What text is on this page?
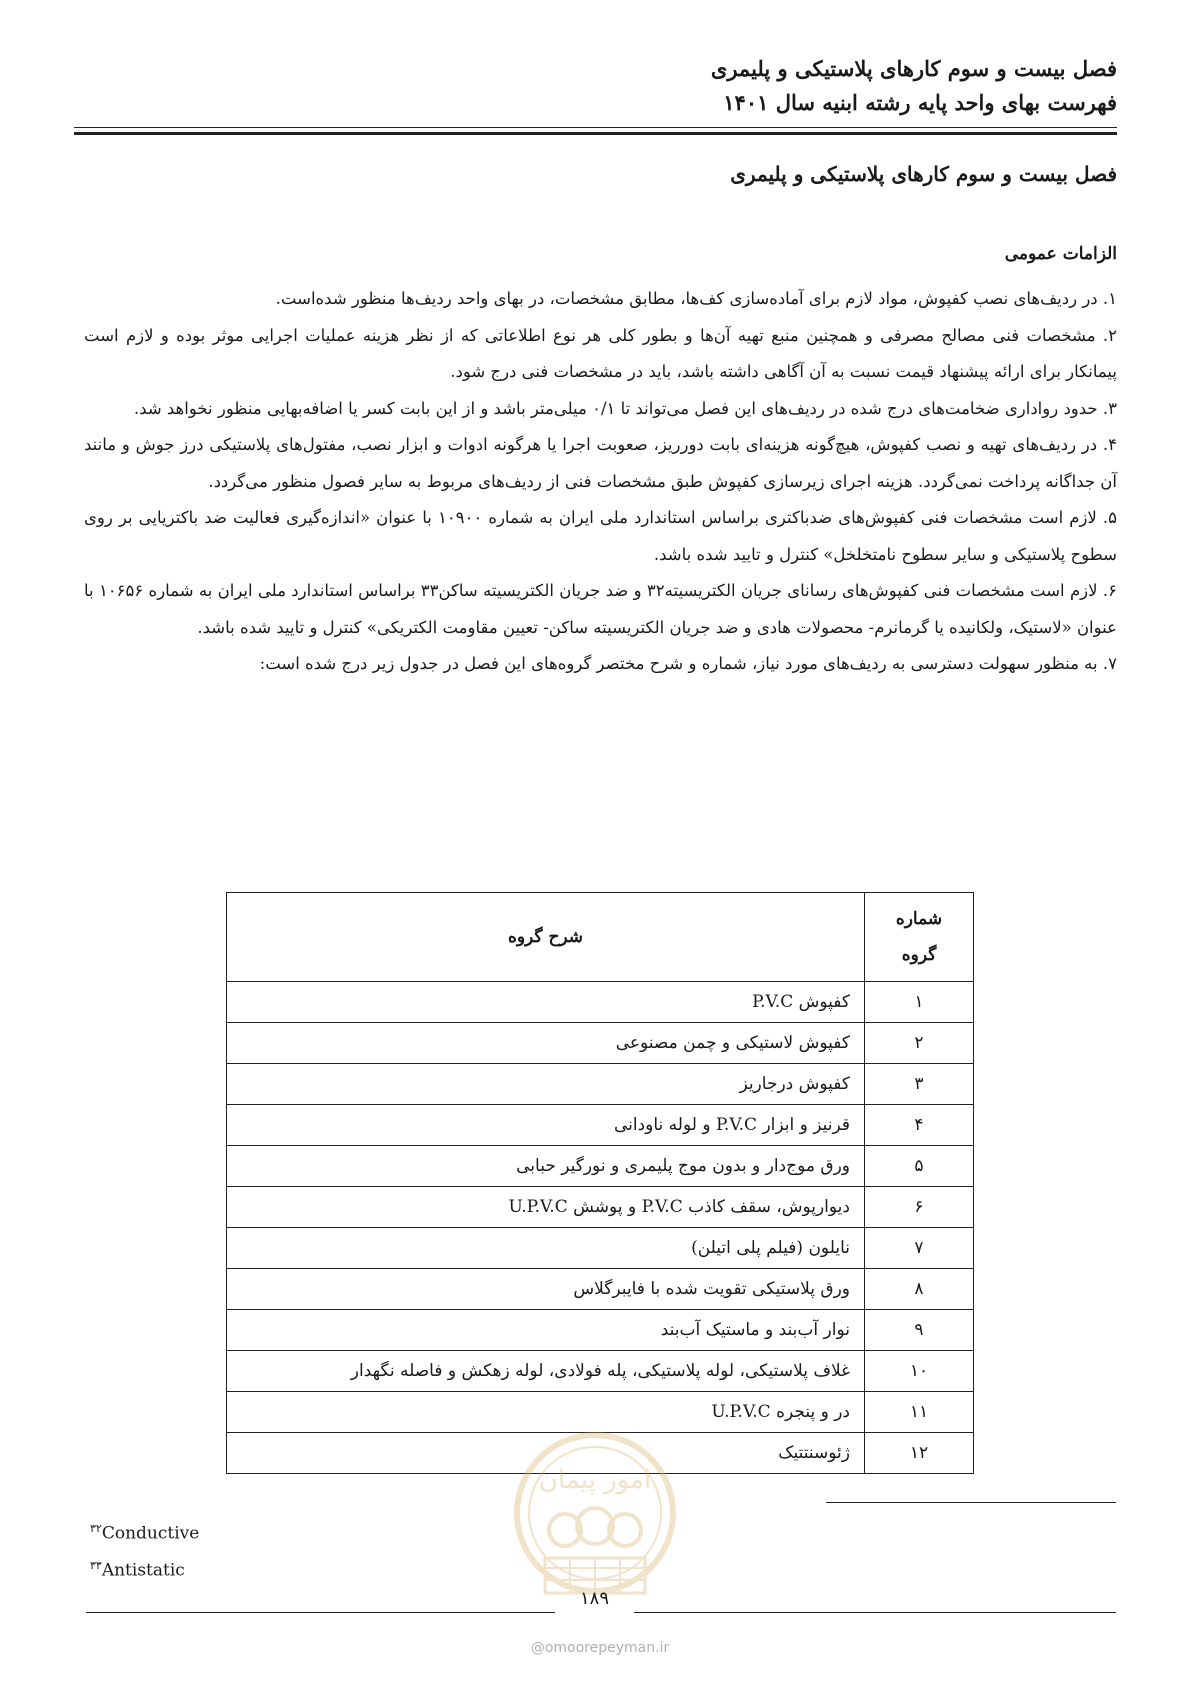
فصل بیست و سوم کارهای پلاستیکی و پلیمری
فهرست بهای واحد پایه رشته ابنیه سال ۱۴۰۱
فصل بیست و سوم کارهای پلاستیکی و پلیمری
الزامات عمومی
۱. در ردیف‌های نصب کفپوش، مواد لازم برای آماده‌سازی کف‌ها، مطابق مشخصات، در بهای واحد ردیف‌ها منظور شده‌است.
۲. مشخصات فنی مصالح مصرفی و همچنین منبع تهیه آن‌ها و بطور کلی هر نوع اطلاعاتی که از نظر هزینه عملیات اجرایی موثر بوده و لازم است پیمانکار برای ارائه پیشنهاد قیمت نسبت به آن آگاهی داشته باشد، باید در مشخصات فنی درج شود.
۳. حدود رواداری ضخامت‌های درج شده در ردیف‌های این فصل می‌تواند تا ۰/۱ میلی‌متر باشد و از این بابت کسر یا اضافه‌بهایی منظور نخواهد شد.
۴. در ردیف‌های تهیه و نصب کفپوش، هیچ‌گونه هزینه‌ای بابت دورریز، صعوبت اجرا یا هرگونه ادوات و ابزار نصب، مفتول‌های پلاستیکی درز جوش و مانند آن جداگانه پرداخت نمی‌گردد. هزینه اجرای زیرسازی کفپوش طبق مشخصات فنی از ردیف‌های مربوط به سایر فصول منظور می‌گردد.
۵. لازم است مشخصات فنی کفپوش‌های ضدباکتری براساس استاندارد ملی ایران به شماره ۱۰۹۰۰ با عنوان «اندازه‌گیری فعالیت ضد باکتریایی بر روی سطوح پلاستیکی و سایر سطوح نامتخلخل» کنترل و تایید شده باشد.
۶. لازم است مشخصات فنی کفپوش‌های رسانای جریان الکتریسیته۳۲ و ضد جریان الکتریسیته ساکن۳۳ براساس استاندارد ملی ایران به شماره ۱۰۶۵۶ با عنوان «لاستیک، ولکانیده یا گرمانرم- محصولات هادی و ضد جریان الکتریسیته ساکن- تعیین مقاومت الکتریکی» کنترل و تایید شده باشد.
۷. به منظور سهولت دسترسی به ردیف‌های مورد نیاز، شماره و شرح مختصر گروه‌های این فصل در جدول زیر درج شده است:
شماره
گروه	شرح گروه
۱	کفپوش P.V.C
۲	کفپوش لاستیکی و چمن مصنوعی
۳	کفپوش درجاریز
۴	قرنیز و ابزار P.V.C و لوله ناودانی
۵	ورق موج‌دار و بدون موج پلیمری و نورگیر حبابی
۶	دیوارپوش، سقف کاذب P.V.C و پوشش U.P.V.C
۷	نایلون (فیلم پلی اتیلن)
۸	ورق پلاستیکی تقویت شده با فایبرگلاس
۹	نوار آب‌بند و ماستیک آب‌بند
۱۰	غلاف پلاستیکی، لوله پلاستیکی، پله فولادی، لوله زهکش و فاصله نگهدار
۱۱	در و پنجره U.P.V.C
۱۲	ژئوسنتتیک
$^{۳۲}$Conductive
$^{۳۳}$Antistatic
امور پیمان
۱۸۹
@omoorepeyman.ir
